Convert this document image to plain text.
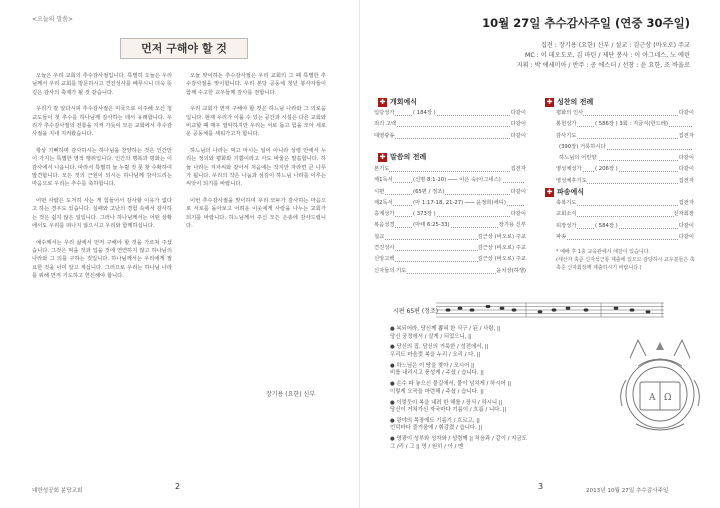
< 오늘의 말씀 >
먼저 구해야 할 것

오늘은 우리 교회의 추수감사절입니다. 특별히 오늘은 우리님께서 우리 교회를 방문하시고 견진성사를 베푸시니 더욱 뜻 깊은 감사의 축제가 될 것 같습니다.

우리가 잘 알다시피 추수감사절은 미국으로 이주해 오신 청교도들이 첫 추수를 하나님께 감사하는 데서 유래합니다. 우리가 추수감사절의 전통을 지켜 가듯이 모든 교회에서 추수감사절을 지내 지켜왔습니다.

항상 기뻐하며 감사하시는 하나님을 찬양하는 것은 인간만이 가지는 특별한 영적 행위입니다. 인간의 행복과 평화는 이 감사에서 나옵니다. 따라서 특별히 늘 누릴 것 못 찾 수확하여 발견합니다. 모든 것의 근원이 되시는 하나님께 감사드리는 마음으로 우리는 추수를 축하합니다.

어떤 사람은 도저히 사는 게 힘들어서 감사할 이유가 없다고 하는 경우도 있습니다. 실패와 고난의 경험 속에서 감사하는 것은 쉽지 않은 일입니다. 그러나 하나님께서는 어떤 상황에서도 우리를 떠나지 않으시고 우리와 함께하십니다.

예수께서는 우리 삶에서 먼저 구해야 할 것을 가르쳐 주셨습니다. 그것은 먹을 것과 입을 것에 연연하지 않고 하나님의 나라와 그 의를 구하는 것입니다. 하나님께서는 우리에게 필요한 것을 이미 알고 계십니다. 그러므로 우리는 하나님 나라를 위해 먼저 기도하고 헌신해야 합니다.

오늘 맞이하는 추수감사절은 우리 교회의 그 때 특별한 추수감사절을 맞이합니다. 우리 본당 공동체 청년 봉사자들이 함께 수고한 교우들께 감사를 전합니다.

우리 교회가 먼저 구해야 할 것은 하느님 나라와 그 의로움입니다. 현재 우리가 이룰 수 있는 공간과 시설은 다른 교회와 비교할 때 매우 열악하지만 우리는 서로 돕고 힘을 모아 새로운 공동체를 세워가고자 합니다.

하느님의 나라는 먹고 마시는 일이 아니라 성령 안에서 누리는 정의와 평화와 기쁨이라고 사도 바울은 말씀합니다. 하늘 나라는 겨자씨와 같아서 처음에는 작지만 자라면 큰 나무가 됩니다. 우리의 작은 나눔과 섬김이 하느님 나라를 이루는 씨앗이 되기를 바랍니다.

이번 추수감사절을 맞이하여 우리 모두가 감사하는 마음으로 서로를 돌아보고 어려운 이웃에게 사랑을 나누는 교회가 되기를 바랍니다. 하느님께서 주신 모든 은총에 감사드립니다.

장기용 (요한) 신부
대한성공회 분당교회	2
10월 27일 추수감사주일 (연중 30주일)
집전 : 장기용 (요한) 신부 / 설교 : 김근상 (바오로) 주교
MC : 이 데오도로, 김 마틴 / 제단 봉사 : 이 아그네스, 노 에린
지휘 : 박 에세미아 / 반주 : 공 에스더 / 선창 : 윤 요한, 조 바울로
✚ 개회예식
입당성가	( 184장 )	다같이
죄의 고백	다같이
대영광송	다같이
✚ 말씀의 전례
본기도	집전자
제1독서	(신명 8:1-10) ─── 이은 숙(아그네스)
시편	(65편 / 정조)	다같이
제2독서	(마 1:17-18, 21-27) ─── 윤정희(에디)
층계성가	( 373장 )	다같이
복음성경	(마태 6:25-33)	장기용 신부
설교	김근상 (바오로) 주교
견진성사	김근상 (바오로) 주교
신앙고백	김근상 (바오로) 주교
신자들의 기도	윤치상(하행)
✚ 성찬의 전례
평화의 인사	다같이
봉헌성가	( 586장 ) 3회 : 지금식(한드레)
감사기도	집전자
(390장) 거룩하시다
하느님의 어린양	다같이
영성체성가	( 206장 )	다같이
영성체후기도	집전자
✚ 파송예식
축복기도	집전자
교회소식	신자회장
퇴장성가	( 584장 )	다같이
파송	다같이
* 예배 후 1층 교육관에서 애찬이 있습니다.
(세산자 축준 신자석근통 제출에 있으므 감당하시 교우분들은 축
축준 신자회장께 제출하시기 바랍니다.)
시편 65편 (정조)
● 복되어라, 당신께 뽑혀 한 식구 / 된 / 사람, ||
당신 궁정에서 / 살게 / 되었으니, ||
● 당신의 집, 당신의 거룩한 / 성전에서, ||
우리도 마음껏 복을 누리 / 오리 / 다. ||
● 하느님은 이 땅을 찾아 / 오시어 ||
비를 내리시고 풍성케 / 주셨 / 습니다. ||
● 손수 파 놓으신 물길에서, 물이 넘치게 / 하시어 ||
이렇게 오곡을 마련해 / 주셨 / 습니다. ||
● 이렇듯이 복을 내려 한 해를 / 장식 / 하시니 ||
당신이 거쳐가신 자국마다 기름이 / 흐릅 / 니다. ||
● 광야의 목장에도 기름기 / 흐르고, ||
언덕마다 즐거움에 / 휘감겼 / 습니다. ||
● 영광이 성부와 성자와 / 성령께 || 처음과 / 같이 / 지금도
그 /리 / 그 || 영 / 원히 / 아 / 멘
A Ω
2013년 10월 27일 추수감사주일
3
